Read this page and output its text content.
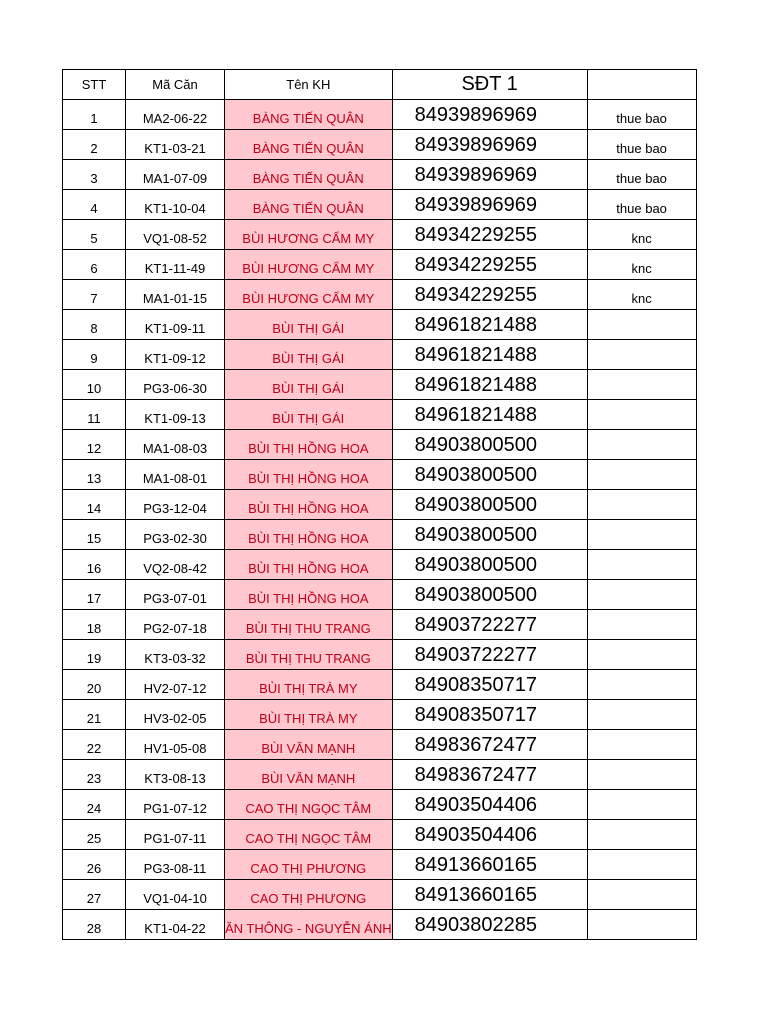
STT	Mã Căn	Tên KH	SĐT 1	
1	MA2-06-22	BÀNG TIẾN QUÂN	84939896969	thue bao
2	KT1-03-21	BÀNG TIẾN QUÂN	84939896969	thue bao
3	MA1-07-09	BÀNG TIẾN QUÂN	84939896969	thue bao
4	KT1-10-04	BÀNG TIẾN QUÂN	84939896969	thue bao
5	VQ1-08-52	BÙI HƯƠNG CẨM MY	84934229255	knc
6	KT1-11-49	BÙI HƯƠNG CẨM MY	84934229255	knc
7	MA1-01-15	BÙI HƯƠNG CẨM MY	84934229255	knc
8	KT1-09-11	BÙI THỊ GÁI	84961821488	
9	KT1-09-12	BÙI THỊ GÁI	84961821488	
10	PG3-06-30	BÙI THỊ GÁI	84961821488	
11	KT1-09-13	BÙI THỊ GÁI	84961821488	
12	MA1-08-03	BÙI THỊ HỒNG HOA	84903800500	
13	MA1-08-01	BÙI THỊ HỒNG HOA	84903800500	
14	PG3-12-04	BÙI THỊ HỒNG HOA	84903800500	
15	PG3-02-30	BÙI THỊ HỒNG HOA	84903800500	
16	VQ2-08-42	BÙI THỊ HỒNG HOA	84903800500	
17	PG3-07-01	BÙI THỊ HỒNG HOA	84903800500	
18	PG2-07-18	BÙI THỊ THU TRANG	84903722277	
19	KT3-03-32	BÙI THỊ THU TRANG	84903722277	
20	HV2-07-12	BÙI THỊ TRÀ MY	84908350717	
21	HV3-02-05	BÙI THỊ TRÀ MY	84908350717	
22	HV1-05-08	BÙI VĂN MẠNH	84983672477	
23	KT3-08-13	BÙI VĂN MẠNH	84983672477	
24	PG1-07-12	CAO THỊ NGỌC TÂM	84903504406	
25	PG1-07-11	CAO THỊ NGỌC TÂM	84903504406	
26	PG3-08-11	CAO THỊ PHƯƠNG	84913660165	
27	VQ1-04-10	CAO THỊ PHƯƠNG	84913660165	
28	KT1-04-22	ĂN THÔNG - NGUYỄN ÁNH	84903802285	
